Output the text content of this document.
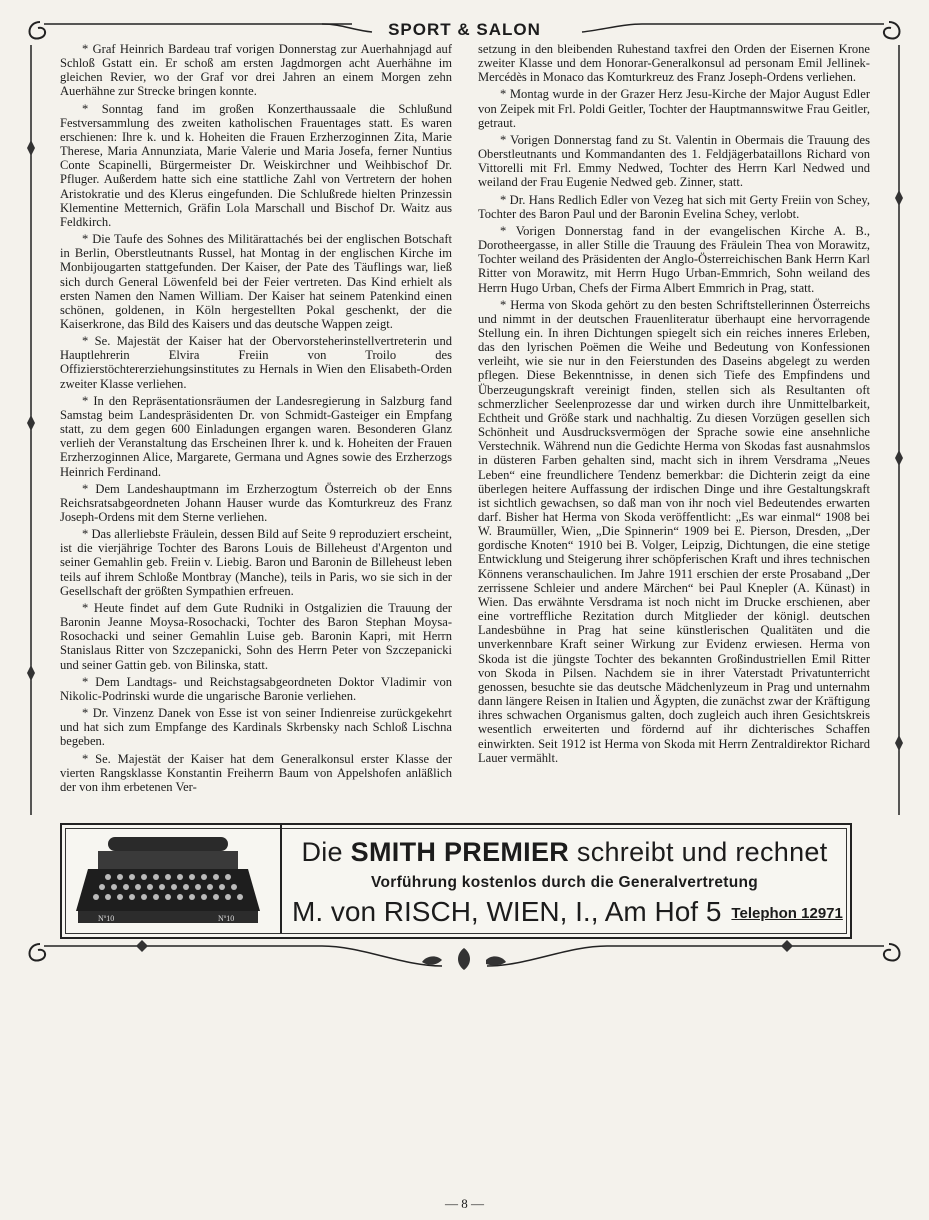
SPORT & SALON

* Graf Heinrich Bardeau traf vorigen Donnerstag zur Auerhahnjagd auf Schloß Gstatt ein. Er schoß am ersten Jagdmorgen acht Auerhähne im gleichen Revier, wo der Graf vor drei Jahren an einem Morgen zehn Auerhähne zur Strecke bringen konnte.

* Sonntag fand im großen Konzerthaussaale die Schlußund Festversammlung des zweiten katholischen Frauentages statt. Es waren erschienen: Ihre k. und k. Hoheiten die Frauen Erzherzoginnen Zita, Marie Therese, Maria Annunziata, Marie Valerie und Maria Josefa, ferner Nuntius Conte Scapinelli, Bürgermeister Dr. Weiskirchner und Weihbischof Dr. Pfluger. Außerdem hatte sich eine stattliche Zahl von Vertretern der hohen Aristokratie und des Klerus eingefunden. Die Schlußrede hielten Prinzessin Klementine Metternich, Gräfin Lola Marschall und Bischof Dr. Waitz aus Feldkirch.

* Die Taufe des Sohnes des Militärattachés bei der englischen Botschaft in Berlin, Oberstleutnants Russel, hat Montag in der englischen Kirche im Monbijougarten stattgefunden. Der Kaiser, der Pate des Täuflings war, ließ sich durch General Löwenfeld bei der Feier vertreten. Das Kind erhielt als ersten Namen den Namen William. Der Kaiser hat seinem Patenkind einen schönen, goldenen, in Köln hergestellten Pokal geschenkt, der die Kaiserkrone, das Bild des Kaisers und das deutsche Wappen zeigt.

* Se. Majestät der Kaiser hat der Obervorsteherinstellvertreterin und Hauptlehrerin Elvira Freiin von Troilo des Offizierstöchtererziehungsinstitutes zu Hernals in Wien den Elisabeth-Orden zweiter Klasse verliehen.

* In den Repräsentationsräumen der Landesregierung in Salzburg fand Samstag beim Landespräsidenten Dr. von Schmidt-Gasteiger ein Empfang statt, zu dem gegen 600 Einladungen ergangen waren. Besonderen Glanz verlieh der Veranstaltung das Erscheinen Ihrer k. und k. Hoheiten der Frauen Erzherzoginnen Alice, Margarete, Germana und Agnes sowie des Erzherzogs Heinrich Ferdinand.

* Dem Landeshauptmann im Erzherzogtum Österreich ob der Enns Reichsratsabgeordneten Johann Hauser wurde das Komturkreuz des Franz Joseph-Ordens mit dem Sterne verliehen.

* Das allerliebste Fräulein, dessen Bild auf Seite 9 reproduziert erscheint, ist die vierjährige Tochter des Barons Louis de Billeheust d'Argenton und seiner Gemahlin geb. Freiin v. Liebig. Baron und Baronin de Billeheust leben teils auf ihrem Schloße Montbray (Manche), teils in Paris, wo sie sich in der Gesellschaft der größten Sympathien erfreuen.

* Heute findet auf dem Gute Rudniki in Ostgalizien die Trauung der Baronin Jeanne Moysa-Rosochacki, Tochter des Baron Stephan Moysa-Rosochacki und seiner Gemahlin Luise geb. Baronin Kapri, mit Herrn Stanislaus Ritter von Szczepanicki, Sohn des Herrn Peter von Szczepanicki und seiner Gattin geb. von Bilinska, statt.

* Dem Landtags- und Reichstagsabgeordneten Doktor Vladimir von Nikolic-Podrinski wurde die ungarische Baronie verliehen.

* Dr. Vinzenz Danek von Esse ist von seiner Indienreise zurückgekehrt und hat sich zum Empfange des Kardinals Skrbensky nach Schloß Lischna begeben.

* Se. Majestät der Kaiser hat dem Generalkonsul erster Klasse der vierten Rangsklasse Konstantin Freiherrn Baum von Appelshofen anläßlich der von ihm erbetenen Ver-

setzung in den bleibenden Ruhestand taxfrei den Orden der Eisernen Krone zweiter Klasse und dem Honorar-Generalkonsul ad personam Emil Jellinek-Mercédès in Monaco das Komturkreuz des Franz Joseph-Ordens verliehen.

* Montag wurde in der Grazer Herz Jesu-Kirche der Major August Edler von Zeipek mit Frl. Poldi Geitler, Tochter der Hauptmannswitwe Frau Geitler, getraut.

* Vorigen Donnerstag fand zu St. Valentin in Obermais die Trauung des Oberstleutnants und Kommandanten des 1. Feldjägerbataillons Richard von Vittorelli mit Frl. Emmy Nedwed, Tochter des Herrn Karl Nedwed und weiland der Frau Eugenie Nedwed geb. Zinner, statt.

* Dr. Hans Redlich Edler von Vezeg hat sich mit Gerty Freiin von Schey, Tochter des Baron Paul und der Baronin Evelina Schey, verlobt.

* Vorigen Donnerstag fand in der evangelischen Kirche A. B., Dorotheergasse, in aller Stille die Trauung des Fräulein Thea von Morawitz, Tochter weiland des Präsidenten der Anglo-Österreichischen Bank Herrn Karl Ritter von Morawitz, mit Herrn Hugo Urban-Emmrich, Sohn weiland des Herrn Hugo Urban, Chefs der Firma Albert Emmrich in Prag, statt.

* Herma von Skoda gehört zu den besten Schriftstellerinnen Österreichs und nimmt in der deutschen Frauenliteratur überhaupt eine hervorragende Stellung ein. In ihren Dichtungen spiegelt sich ein reiches inneres Erleben, das den lyrischen Poëmen die Weihe und Bedeutung von Konfessionen verleiht, wie sie nur in den Feierstunden des Daseins abgelegt zu werden pflegen. Diese Bekenntnisse, in denen sich Tiefe des Empfindens und Überzeugungskraft vereinigt finden, stellen sich als Resultanten oft schmerzlicher Seelenprozesse dar und wirken durch ihre Unmittelbarkeit, Echtheit und Größe stark und nachhaltig. Zu diesen Vorzügen gesellen sich Schönheit und Ausdrucksvermögen der Sprache sowie eine ansehnliche Verstechnik. Während nun die Gedichte Herma von Skodas fast ausnahmslos in düsteren Farben gehalten sind, macht sich in ihrem Versdrama „Neues Leben“ eine freundlichere Tendenz bemerkbar: die Dichterin zeigt da eine überlegen heitere Auffassung der irdischen Dinge und ihre Gestaltungskraft ist sichtlich gewachsen, so daß man von ihr noch viel Bedeutendes erwarten darf. Bisher hat Herma von Skoda veröffentlicht: „Es war einmal“ 1908 bei W. Braumüller, Wien, „Die Spinnerin“ 1909 bei E. Pierson, Dresden, „Der gordische Knoten“ 1910 bei B. Volger, Leipzig, Dichtungen, die eine stetige Entwicklung und Steigerung ihrer schöpferischen Kraft und ihres technischen Könnens veranschaulichen. Im Jahre 1911 erschien der erste Prosaband „Der zerrissene Schleier und andere Märchen“ bei Paul Knepler (A. Künast) in Wien. Das erwähnte Versdrama ist noch nicht im Drucke erschienen, aber eine vortreffliche Rezitation durch Mitglieder der königl. deutschen Landesbühne in Prag hat seine künstlerischen Qualitäten und die unverkennbare Kraft seiner Wirkung zur Evidenz erwiesen. Herma von Skoda ist die jüngste Tochter des bekannten Großindustriellen Emil Ritter von Skoda in Pilsen. Nachdem sie in ihrer Vaterstadt Privatunterricht genossen, besuchte sie das deutsche Mädchenlyzeum in Prag und unternahm dann längere Reisen in Italien und Ägypten, die zunächst zwar der Kräftigung ihres schwachen Organismus galten, doch zugleich auch ihren Gesichtskreis wesentlich erweiterten und fördernd auf ihr dichterisches Schaffen einwirkten. Seit 1912 ist Herma von Skoda mit Herrn Zentraldirektor Richard Lauer vermählt.

Nº10	Nº10
Die SMITH PREMIER schreibt und rechnet
Vorführung kostenlos durch die Generalvertretung
M. von RISCH, WIEN, I., Am Hof 5 Telephon 12971
— 8 —
